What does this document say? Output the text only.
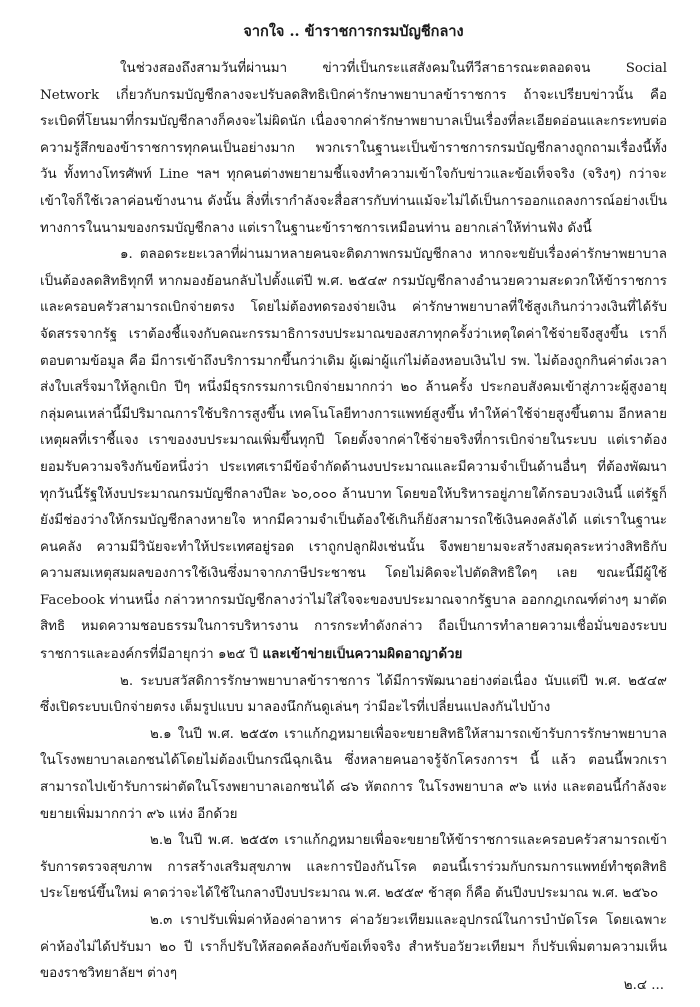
จากใจ .. ข้าราชการกรมบัญชีกลาง

ในช่วงสองถึงสามวันที่ผ่านมา ข่าวที่เป็นกระแสสังคมในทีวีสาธารณะตลอดจน Social Network เกี่ยวกับกรมบัญชีกลางจะปรับลดสิทธิเบิกค่ารักษาพยาบาลข้าราชการ ถ้าจะเปรียบข่าวนั้น คือ ระเบิดที่โยนมาที่กรมบัญชีกลางก็คงจะไม่ผิดนัก เนื่องจากค่ารักษาพยาบาลเป็นเรื่องที่ละเอียดอ่อนและกระทบต่อความรู้สึกของข้าราชการทุกคนเป็นอย่างมาก พวกเราในฐานะเป็นข้าราชการกรมบัญชีกลางถูกถามเรื่องนี้ทั้งวัน ทั้งทางโทรศัพท์ Line ฯลฯ ทุกคนต่างพยายามชี้แจงทำความเข้าใจกับข่าวและข้อเท็จจริง (จริงๆ) กว่าจะเข้าใจก็ใช้เวลาค่อนข้างนาน ดังนั้น สิ่งที่เรากำลังจะสื่อสารกับท่านแม้จะไม่ได้เป็นการออกแถลงการณ์อย่างเป็นทางการในนามของกรมบัญชีกลาง แต่เราในฐานะข้าราชการเหมือนท่าน อยากเล่าให้ท่านฟัง ดังนี้

๑. ตลอดระยะเวลาที่ผ่านมาหลายคนจะติดภาพกรมบัญชีกลาง หากจะขยับเรื่องค่ารักษาพยาบาลเป็นต้องลดสิทธิทุกที หากมองย้อนกลับไปตั้งแต่ปี พ.ศ. ๒๕๔๙ กรมบัญชีกลางอำนวยความสะดวกให้ข้าราชการและครอบครัวสามารถเบิกจ่ายตรง โดยไม่ต้องทดรองจ่ายเงิน ค่ารักษาพยาบาลที่ใช้สูงเกินกว่าวงเงินที่ได้รับจัดสรรจากรัฐ เราต้องชี้แจงกับคณะกรรมาธิการงบประมาณของสภาทุกครั้งว่าเหตุใดค่าใช้จ่ายจึงสูงขึ้น เราก็ตอบตามข้อมูล คือ มีการเข้าถึงบริการมากขึ้นกว่าเดิม ผู้เฒ่าผู้แก่ไม่ต้องหอบเงินไป รพ. ไม่ต้องถูกกินค่าต๋งเวลาส่งใบเสร็จมาให้ลูกเบิก ปีๆ หนึ่งมีธุรกรรมการเบิกจ่ายมากกว่า ๒๐ ล้านครั้ง ประกอบสังคมเข้าสู่ภาวะผู้สูงอายุ กลุ่มคนเหล่านี้มีปริมาณการใช้บริการสูงขึ้น เทคโนโลยีทางการแพทย์สูงขึ้น ทำให้ค่าใช้จ่ายสูงขึ้นตาม อีกหลายเหตุผลที่เราชี้แจง เราของงบประมาณเพิ่มขึ้นทุกปี โดยตั้งจากค่าใช้จ่ายจริงที่การเบิกจ่ายในระบบ แต่เราต้องยอมรับความจริงกันข้อหนึ่งว่า ประเทศเรามีข้อจำกัดด้านงบประมาณและมีความจำเป็นด้านอื่นๆ ที่ต้องพัฒนา ทุกวันนี้รัฐให้งบประมาณกรมบัญชีกลางปีละ ๖๐,๐๐๐ ล้านบาท โดยขอให้บริหารอยู่ภายใต้กรอบวงเงินนี้ แต่รัฐก็ยังมีช่องว่างให้กรมบัญชีกลางหายใจ หากมีความจำเป็นต้องใช้เกินก็ยังสามารถใช้เงินคงคลังได้ แต่เราในฐานะคนคลัง ความมีวินัยจะทำให้ประเทศอยู่รอด เราถูกปลูกฝังเช่นนั้น จึงพยายามจะสร้างสมดุลระหว่างสิทธิกับความสมเหตุสมผลของการใช้เงินซึ่งมาจากภาษีประชาชน โดยไม่คิดจะไปตัดสิทธิใดๆ เลย ขณะนี้มีผู้ใช้ Facebook ท่านหนึ่ง กล่าวหากรมบัญชีกลางว่าไม่ใส่ใจจะของบประมาณจากรัฐบาล ออกกฎเกณฑ์ต่างๆ มาตัดสิทธิ หมดความชอบธรรมในการบริหารงาน การกระทำดังกล่าว ถือเป็นการทำลายความเชื่อมั่นของระบบราชการและองค์กรที่มีอายุกว่า ๑๒๕ ปี และเข้าข่ายเป็นความผิดอาญาด้วย

๒. ระบบสวัสดิการรักษาพยาบาลข้าราชการ ได้มีการพัฒนาอย่างต่อเนื่อง นับแต่ปี พ.ศ. ๒๕๔๙ ซึ่งเปิดระบบเบิกจ่ายตรง เต็มรูปแบบ มาลองนึกกันดูเล่นๆ ว่ามีอะไรที่เปลี่ยนแปลงกันไปบ้าง

๒.๑ ในปี พ.ศ. ๒๕๕๓ เราแก้กฎหมายเพื่อจะขยายสิทธิให้สามารถเข้ารับการรักษาพยาบาลในโรงพยาบาลเอกชนได้โดยไม่ต้องเป็นกรณีฉุกเฉิน ซึ่งหลายคนอาจรู้จักโครงการฯ นี้ แล้ว ตอนนี้พวกเราสามารถไปเข้ารับการผ่าตัดในโรงพยาบาลเอกชนได้ ๘๖ หัตถการ ในโรงพยาบาล ๙๖ แห่ง และตอนนี้กำลังจะขยายเพิ่มมากกว่า ๙๖ แห่ง อีกด้วย

๒.๒ ในปี พ.ศ. ๒๕๕๓ เราแก้กฎหมายเพื่อจะขยายให้ข้าราชการและครอบครัวสามารถเข้ารับการตรวจสุขภาพ การสร้างเสริมสุขภาพ และการป้องกันโรค ตอนนี้เราร่วมกับกรมการแพทย์ทำชุดสิทธิประโยชน์ขึ้นใหม่ คาดว่าจะได้ใช้ในกลางปีงบประมาณ พ.ศ. ๒๕๕๙ ช้าสุด ก็คือ ต้นปีงบประมาณ พ.ศ. ๒๕๖๐

๒.๓ เราปรับเพิ่มค่าห้องค่าอาหาร ค่าอวัยวะเทียมและอุปกรณ์ในการบำบัดโรค โดยเฉพาะค่าห้องไม่ได้ปรับมา ๒๐ ปี เราก็ปรับให้สอดคล้องกับข้อเท็จจริง สำหรับอวัยวะเทียมฯ ก็ปรับเพิ่มตามความเห็นของราชวิทยาลัยฯ ต่างๆ

๒.๔ ...
